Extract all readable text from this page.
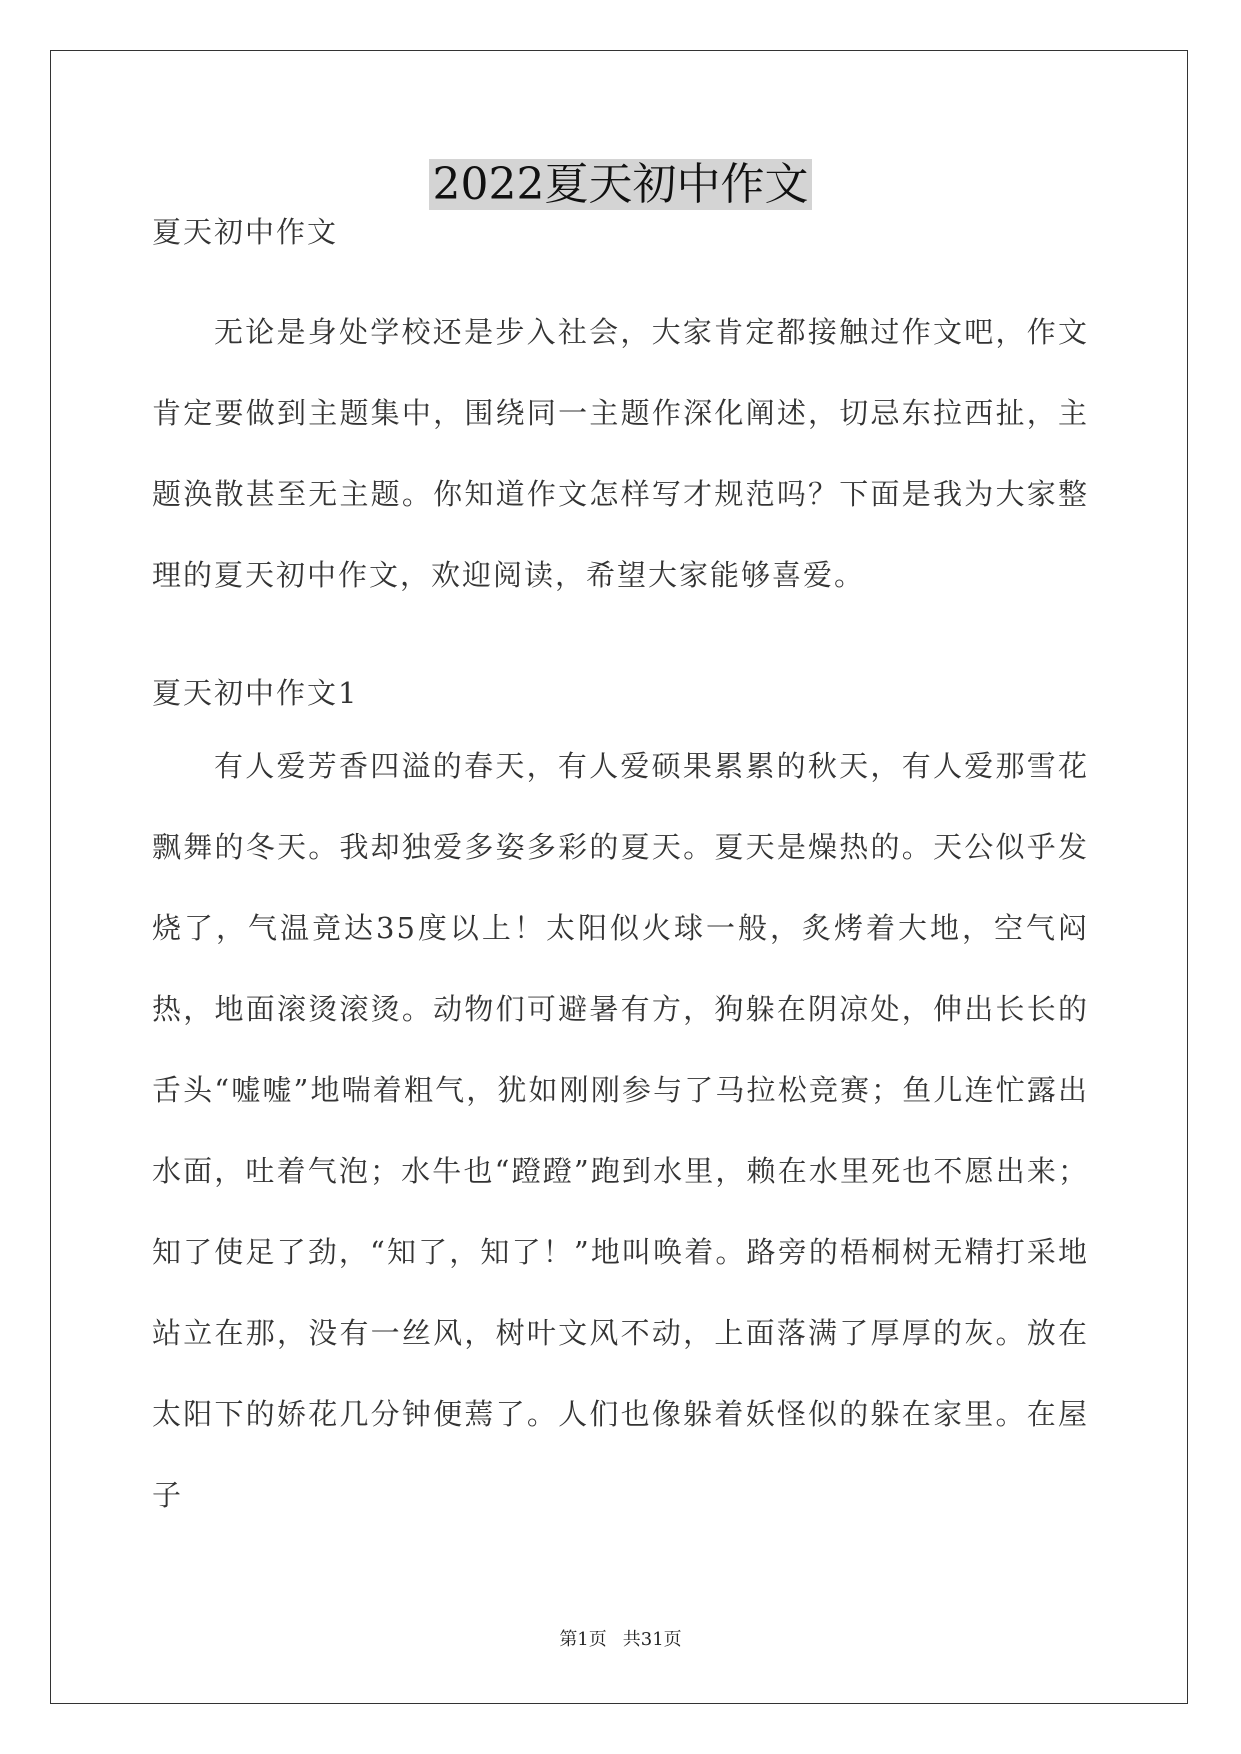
2022夏天初中作文
夏天初中作文

无论是身处学校还是步入社会，大家肯定都接触过作文吧，作文肯定要做到主题集中，围绕同一主题作深化阐述，切忌东拉西扯，主题涣散甚至无主题。你知道作文怎样写才规范吗？下面是我为大家整理的夏天初中作文，欢迎阅读，希望大家能够喜爱。

夏天初中作文1

有人爱芳香四溢的春天，有人爱硕果累累的秋天，有人爱那雪花飘舞的冬天。我却独爱多姿多彩的夏天。夏天是燥热的。天公似乎发烧了，气温竟达35度以上！太阳似火球一般，炙烤着大地，空气闷热，地面滚烫滚烫。动物们可避暑有方，狗躲在阴凉处，伸出长长的舌头“嘘嘘”地喘着粗气，犹如刚刚参与了马拉松竞赛；鱼儿连忙露出水面，吐着气泡；水牛也“蹬蹬”跑到水里，赖在水里死也不愿出来；知了使足了劲，“知了，知了！”地叫唤着。路旁的梧桐树无精打采地站立在那，没有一丝风，树叶文风不动，上面落满了厚厚的灰。放在太阳下的娇花几分钟便蔫了。人们也像躲着妖怪似的躲在家里。在屋子

第1页 共31页
